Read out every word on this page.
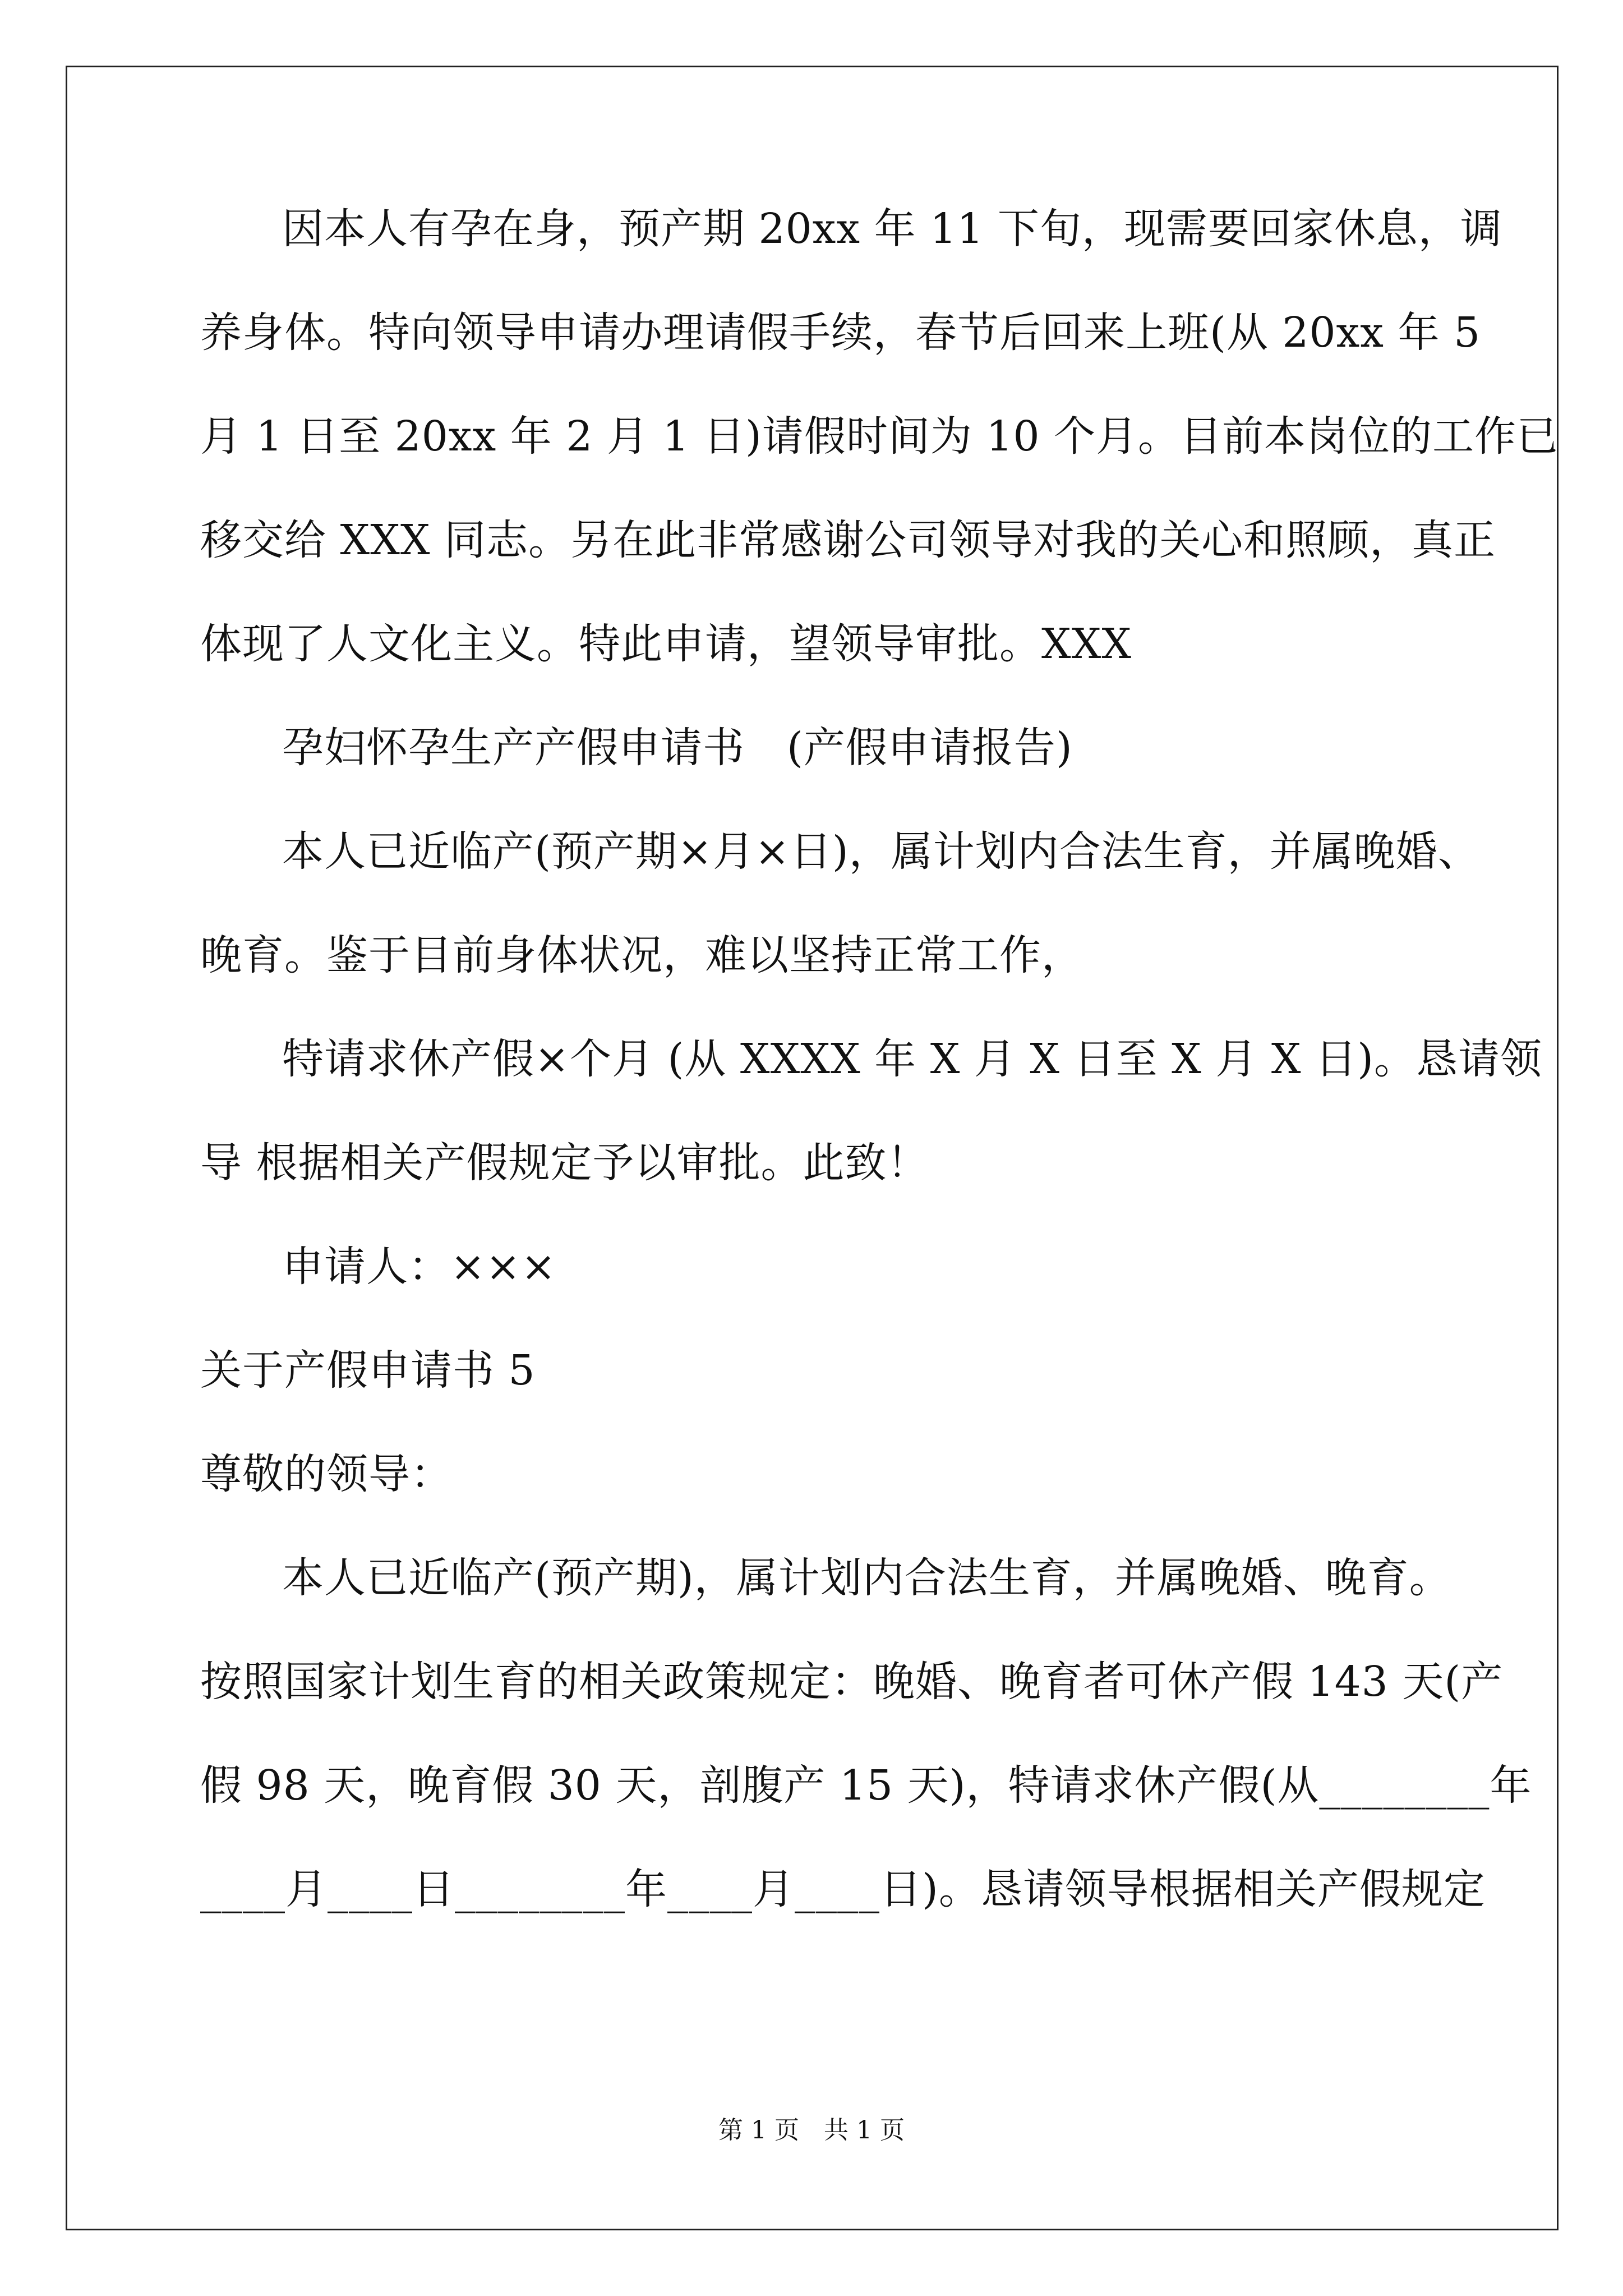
因本人有孕在身，预产期 20xx 年 11 下旬，现需要回家休息，调
养身体。特向领导申请办理请假手续，春节后回来上班(从 20xx 年 5
月 1 日至 20xx 年 2 月 1 日)请假时间为 10 个月。目前本岗位的工作已
移交给 XXX 同志。另在此非常感谢公司领导对我的关心和照顾，真正
体现了人文化主义。特此申请，望领导审批。XXX
孕妇怀孕生产产假申请书　(产假申请报告)
本人已近临产(预产期×月×日)，属计划内合法生育，并属晚婚、
晚育。鉴于目前身体状况，难以坚持正常工作，
特请求休产假×个月 (从 XXXX 年 X 月 X 日至 X 月 X 日)。恳请领
导 根据相关产假规定予以审批。此致！
申请人：×××
关于产假申请书 5
尊敬的领导：
本人已近临产(预产期)，属计划内合法生育，并属晚婚、晚育。
按照国家计划生育的相关政策规定：晚婚、晚育者可休产假 143 天(产
假 98 天，晚育假 30 天，剖腹产 15 天)，特请求休产假(从________年
____月____日________年____月____日)。恳请领导根据相关产假规定
第 1 页　共 1 页
